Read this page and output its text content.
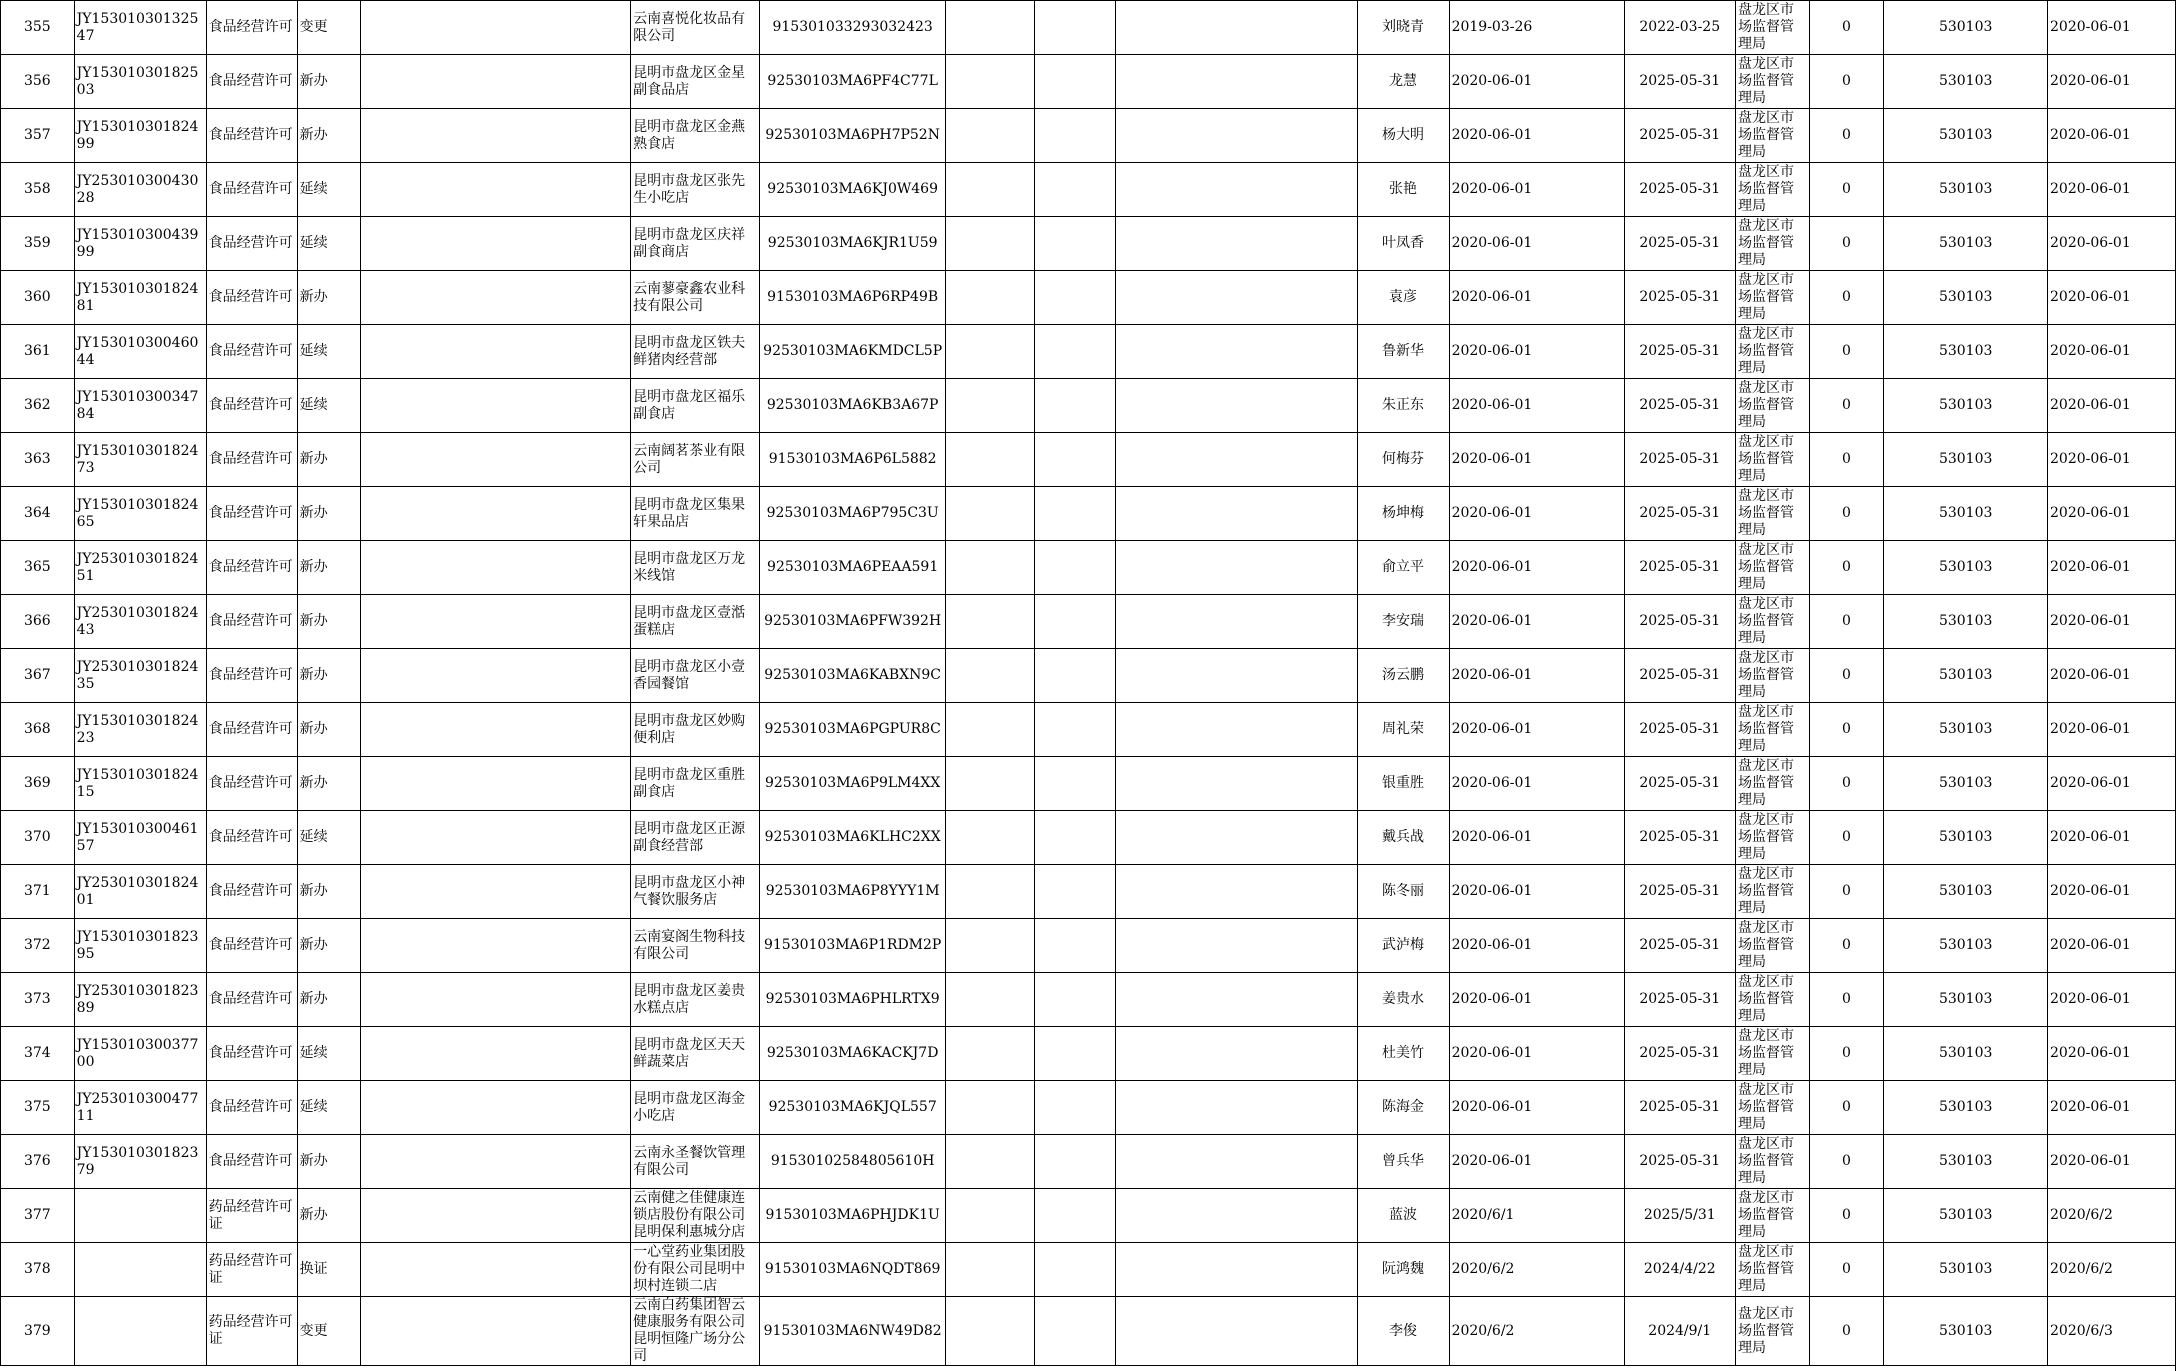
355	JY15301030132547	食品经营许可	变更		云南喜悦化妆品有限公司	915301033293032423				刘晓青	2019-03-26	2022-03-25	盘龙区市场监督管理局	0	530103	2020-06-01
356	JY15301030182503	食品经营许可	新办		昆明市盘龙区金星副食品店	92530103MA6PF4C77L				龙慧	2020-06-01	2025-05-31	盘龙区市场监督管理局	0	530103	2020-06-01
357	JY15301030182499	食品经营许可	新办		昆明市盘龙区金燕熟食店	92530103MA6PH7P52N				杨大明	2020-06-01	2025-05-31	盘龙区市场监督管理局	0	530103	2020-06-01
358	JY25301030043028	食品经营许可	延续		昆明市盘龙区张先生小吃店	92530103MA6KJ0W469				张艳	2020-06-01	2025-05-31	盘龙区市场监督管理局	0	530103	2020-06-01
359	JY15301030043999	食品经营许可	延续		昆明市盘龙区庆祥副食商店	92530103MA6KJR1U59				叶凤香	2020-06-01	2025-05-31	盘龙区市场监督管理局	0	530103	2020-06-01
360	JY15301030182481	食品经营许可	新办		云南蓼豪鑫农业科技有限公司	91530103MA6P6RP49B				袁彦	2020-06-01	2025-05-31	盘龙区市场监督管理局	0	530103	2020-06-01
361	JY15301030046044	食品经营许可	延续		昆明市盘龙区铁夫鲜猪肉经营部	92530103MA6KMDCL5P				鲁新华	2020-06-01	2025-05-31	盘龙区市场监督管理局	0	530103	2020-06-01
362	JY15301030034784	食品经营许可	延续		昆明市盘龙区福乐副食店	92530103MA6KB3A67P				朱正东	2020-06-01	2025-05-31	盘龙区市场监督管理局	0	530103	2020-06-01
363	JY15301030182473	食品经营许可	新办		云南阔茗茶业有限公司	91530103MA6P6L5882				何梅芬	2020-06-01	2025-05-31	盘龙区市场监督管理局	0	530103	2020-06-01
364	JY15301030182465	食品经营许可	新办		昆明市盘龙区集果轩果品店	92530103MA6P795C3U				杨坤梅	2020-06-01	2025-05-31	盘龙区市场监督管理局	0	530103	2020-06-01
365	JY25301030182451	食品经营许可	新办		昆明市盘龙区万龙米线馆	92530103MA6PEAA591				俞立平	2020-06-01	2025-05-31	盘龙区市场监督管理局	0	530103	2020-06-01
366	JY25301030182443	食品经营许可	新办		昆明市盘龙区壹湉蛋糕店	92530103MA6PFW392H				李安瑞	2020-06-01	2025-05-31	盘龙区市场监督管理局	0	530103	2020-06-01
367	JY25301030182435	食品经营许可	新办		昆明市盘龙区小壹香园餐馆	92530103MA6KABXN9C				汤云鹏	2020-06-01	2025-05-31	盘龙区市场监督管理局	0	530103	2020-06-01
368	JY15301030182423	食品经营许可	新办		昆明市盘龙区妙购便利店	92530103MA6PGPUR8C				周礼荣	2020-06-01	2025-05-31	盘龙区市场监督管理局	0	530103	2020-06-01
369	JY15301030182415	食品经营许可	新办		昆明市盘龙区重胜副食店	92530103MA6P9LM4XX				银重胜	2020-06-01	2025-05-31	盘龙区市场监督管理局	0	530103	2020-06-01
370	JY15301030046157	食品经营许可	延续		昆明市盘龙区正源副食经营部	92530103MA6KLHC2XX				戴兵战	2020-06-01	2025-05-31	盘龙区市场监督管理局	0	530103	2020-06-01
371	JY25301030182401	食品经营许可	新办		昆明市盘龙区小神气餐饮服务店	92530103MA6P8YYY1M				陈冬丽	2020-06-01	2025-05-31	盘龙区市场监督管理局	0	530103	2020-06-01
372	JY15301030182395	食品经营许可	新办		云南宴阁生物科技有限公司	91530103MA6P1RDM2P				武泸梅	2020-06-01	2025-05-31	盘龙区市场监督管理局	0	530103	2020-06-01
373	JY25301030182389	食品经营许可	新办		昆明市盘龙区姜贵水糕点店	92530103MA6PHLRTX9				姜贵水	2020-06-01	2025-05-31	盘龙区市场监督管理局	0	530103	2020-06-01
374	JY15301030037700	食品经营许可	延续		昆明市盘龙区天天鲜蔬菜店	92530103MA6KACKJ7D				杜美竹	2020-06-01	2025-05-31	盘龙区市场监督管理局	0	530103	2020-06-01
375	JY25301030047711	食品经营许可	延续		昆明市盘龙区海金小吃店	92530103MA6KJQL557				陈海金	2020-06-01	2025-05-31	盘龙区市场监督管理局	0	530103	2020-06-01
376	JY15301030182379	食品经营许可	新办		云南永圣餐饮管理有限公司	91530102584805610H				曾兵华	2020-06-01	2025-05-31	盘龙区市场监督管理局	0	530103	2020-06-01
377		药品经营许可证	新办		云南健之佳健康连锁店股份有限公司昆明保利惠城分店	91530103MA6PHJDK1U				蓝波	2020/6/1	2025/5/31	盘龙区市场监督管理局	0	530103	2020/6/2
378		药品经营许可证	换证		一心堂药业集团股份有限公司昆明中坝村连锁二店	91530103MA6NQDT869				阮鸿魏	2020/6/2	2024/4/22	盘龙区市场监督管理局	0	530103	2020/6/2
379		药品经营许可证	变更		云南白药集团智云健康服务有限公司昆明恒隆广场分公司	91530103MA6NW49D82				李俊	2020/6/2	2024/9/1	盘龙区市场监督管理局	0	530103	2020/6/3
